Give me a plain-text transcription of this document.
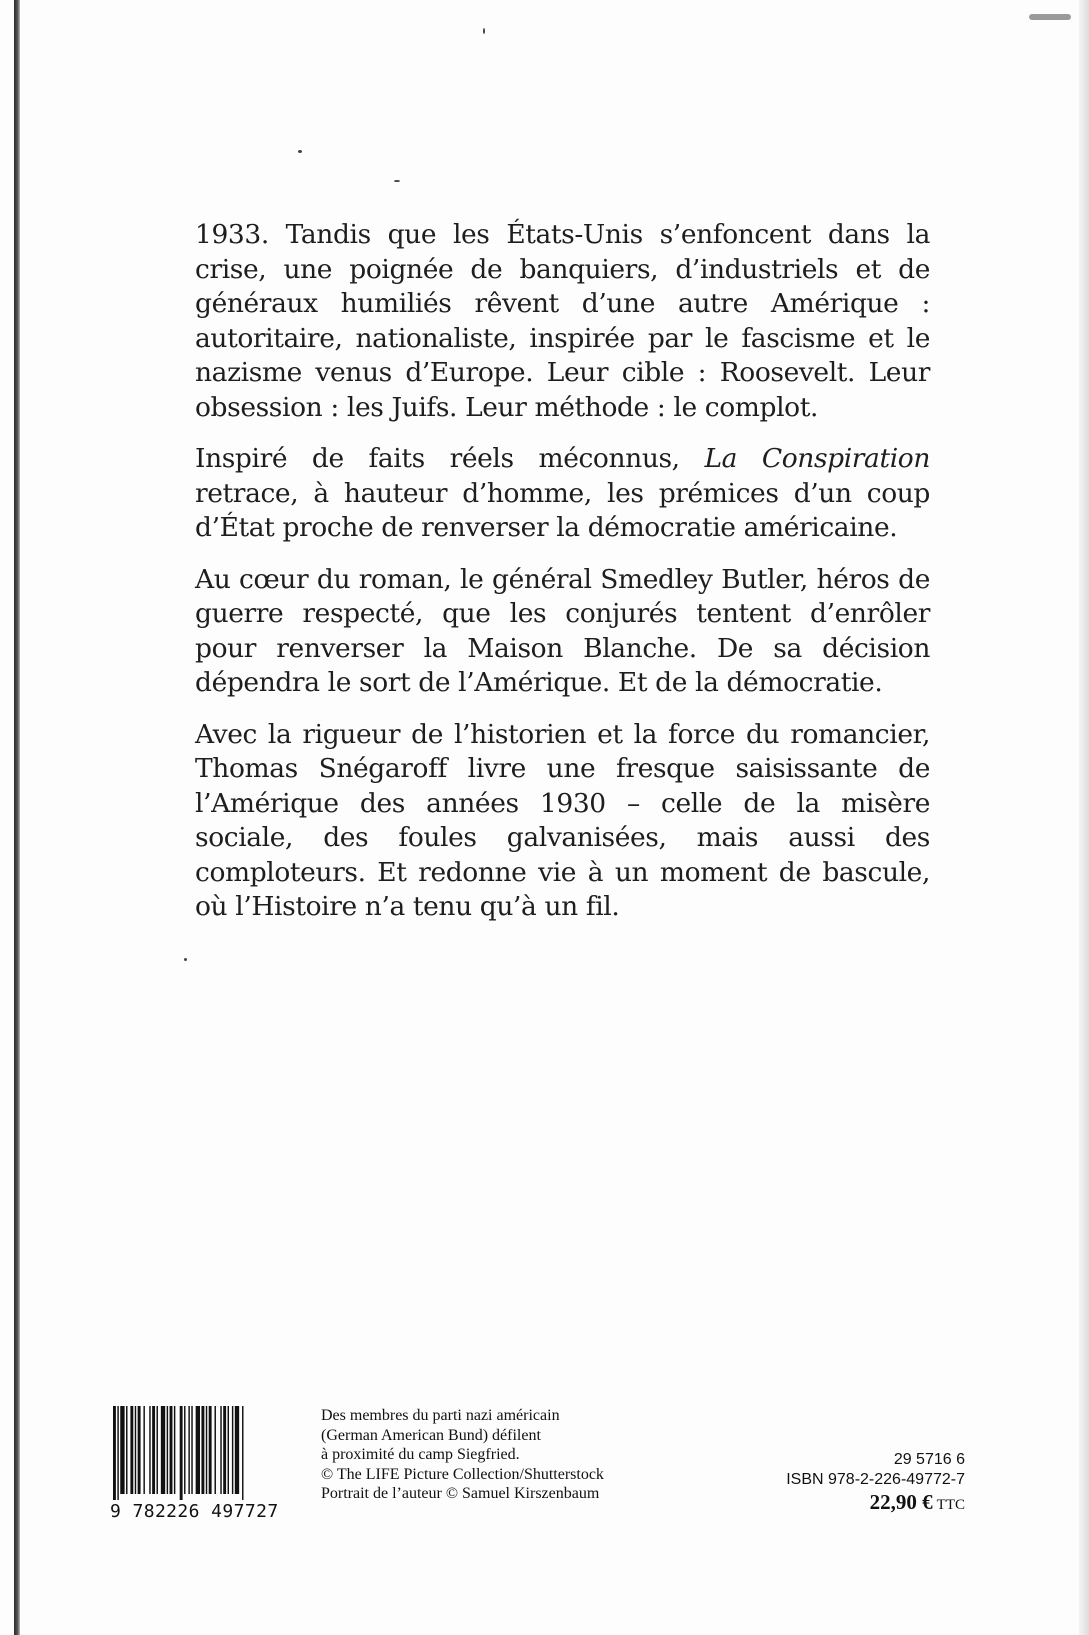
1933. Tandis que les États-Unis s’enfoncent dans la crise, une poignée de banquiers, d’industriels et de généraux humiliés rêvent d’une autre Amérique : autoritaire, nationaliste, inspirée par le fascisme et le nazisme venus d’Europe. Leur cible : Roosevelt. Leur obsession : les Juifs. Leur méthode : le complot.

Inspiré de faits réels méconnus, La Conspiration retrace, à hauteur d’homme, les prémices d’un coup d’État proche de renverser la démocratie américaine.

Au cœur du roman, le général Smedley Butler, héros de guerre respecté, que les conjurés tentent d’enrôler pour renverser la Maison Blanche. De sa décision dépendra le sort de l’Amérique. Et de la démocratie.

Avec la rigueur de l’historien et la force du romancier, Thomas Snégaroff livre une fresque saisissante de l’Amérique des années 1930 – celle de la misère sociale, des foules galvanisées, mais aussi des comploteurs. Et redonne vie à un moment de bascule, où l’Histoire n’a tenu qu’à un fil.

9 782226 497727
Des membres du parti nazi américain
(German American Bund) défilent
à proximité du camp Siegfried.
© The LIFE Picture Collection/Shutterstock
Portrait de l’auteur © Samuel Kirszenbaum
29 5716 6
ISBN 978-2-226-49772-7
22,90 € TTC
